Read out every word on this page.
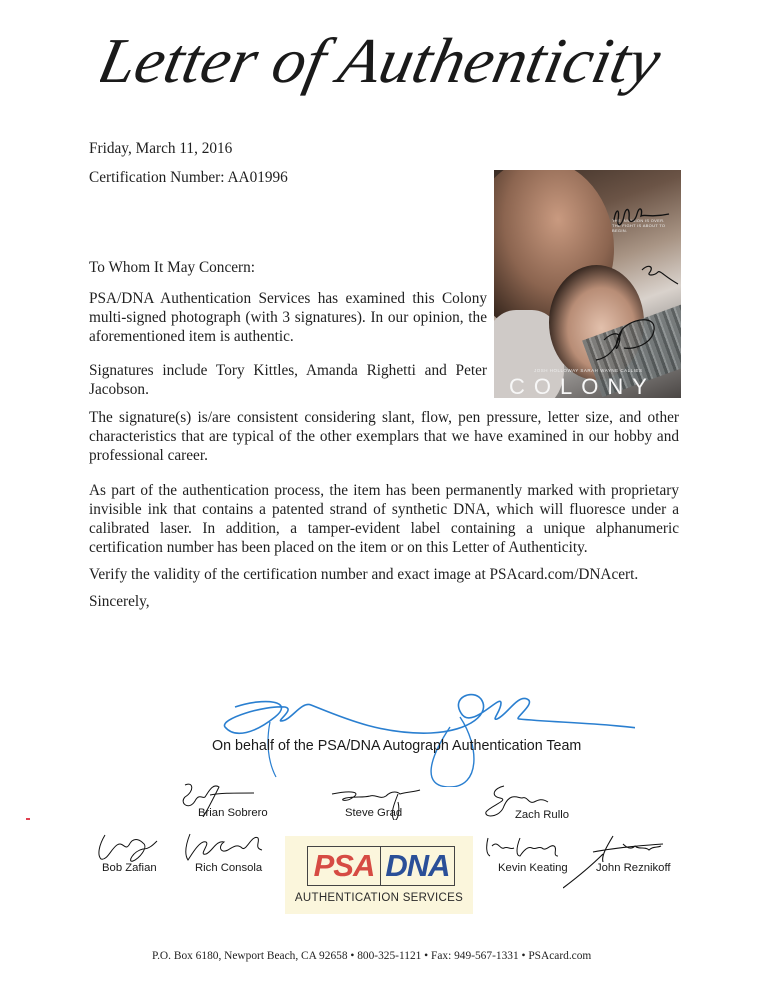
Letter of Authenticity
Friday, March 11, 2016
Certification Number: AA01996
To Whom It May Concern:
PSA/DNA Authentication Services has examined this Colony multi-signed photograph (with 3 signatures). In our opinion, the aforementioned item is authentic.
Signatures include Tory Kittles, Amanda Righetti and Peter Jacobson.
The signature(s) is/are consistent considering slant, flow, pen pressure, letter size, and other characteristics that are typical of the other exemplars that we have examined in our hobby and professional career.
As part of the authentication process, the item has been permanently marked with proprietary invisible ink that contains a patented strand of synthetic DNA, which will fluoresce under a calibrated laser. In addition, a tamper-evident label containing a unique alphanumeric certification number has been placed on the item or on this Letter of Authenticity.
Verify the validity of the certification number and exact image at PSAcard.com/DNAcert.
Sincerely,
THE INVASION IS OVER. THE FIGHT IS ABOUT TO BEGIN.
JOSH HOLLOWAY SARAH WAYNE CALLIES
COLONY
On behalf of the PSA/DNA Autograph Authentication Team
Brian Sobrero	Steve Grad	Zach Rullo
Bob Zafian	Rich Consola	Kevin Keating	John Reznikoff
PSA DNA
AUTHENTICATION SERVICES
P.O. Box 6180, Newport Beach, CA 92658 • 800-325-1121 • Fax: 949-567-1331 • PSAcard.com
